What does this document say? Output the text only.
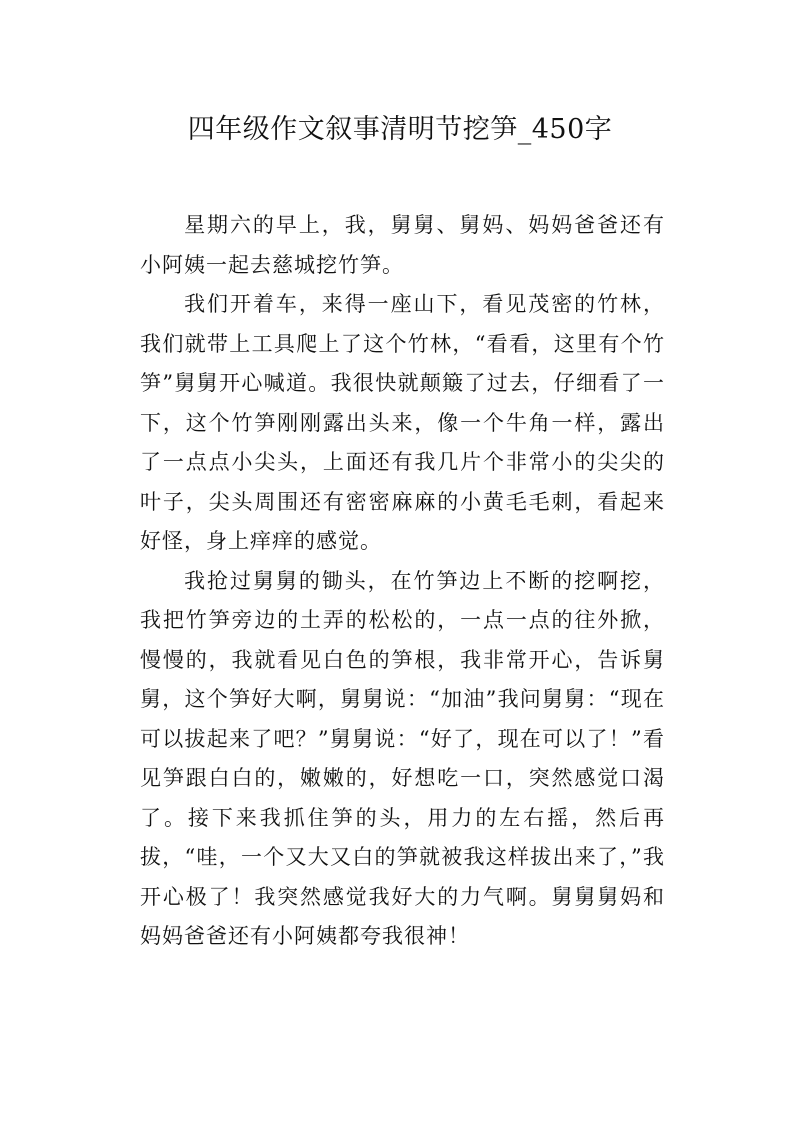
四年级作文叙事清明节挖笋_450字

星期六的早上，我，舅舅、舅妈、妈妈爸爸还有小阿姨一起去慈城挖竹笋。

我们开着车，来得一座山下，看见茂密的竹林，我们就带上工具爬上了这个竹林，“看看，这里有个竹笋”舅舅开心喊道。我很快就颠簸了过去，仔细看了一下，这个竹笋刚刚露出头来，像一个牛角一样，露出了一点点小尖头，上面还有我几片个非常小的尖尖的叶子，尖头周围还有密密麻麻的小黄毛毛刺，看起来好怪，身上痒痒的感觉。

我抢过舅舅的锄头，在竹笋边上不断的挖啊挖，我把竹笋旁边的土弄的松松的，一点一点的往外掀，慢慢的，我就看见白色的笋根，我非常开心，告诉舅舅，这个笋好大啊，舅舅说：“加油”我问舅舅：“现在可以拔起来了吧？”舅舅说：“好了，现在可以了！”看见笋跟白白的，嫩嫩的，好想吃一口，突然感觉口渴了。接下来我抓住笋的头，用力的左右摇，然后再拔，“哇，一个又大又白的笋就被我这样拔出来了，”我开心极了！我突然感觉我好大的力气啊。舅舅舅妈和妈妈爸爸还有小阿姨都夸我很神！
